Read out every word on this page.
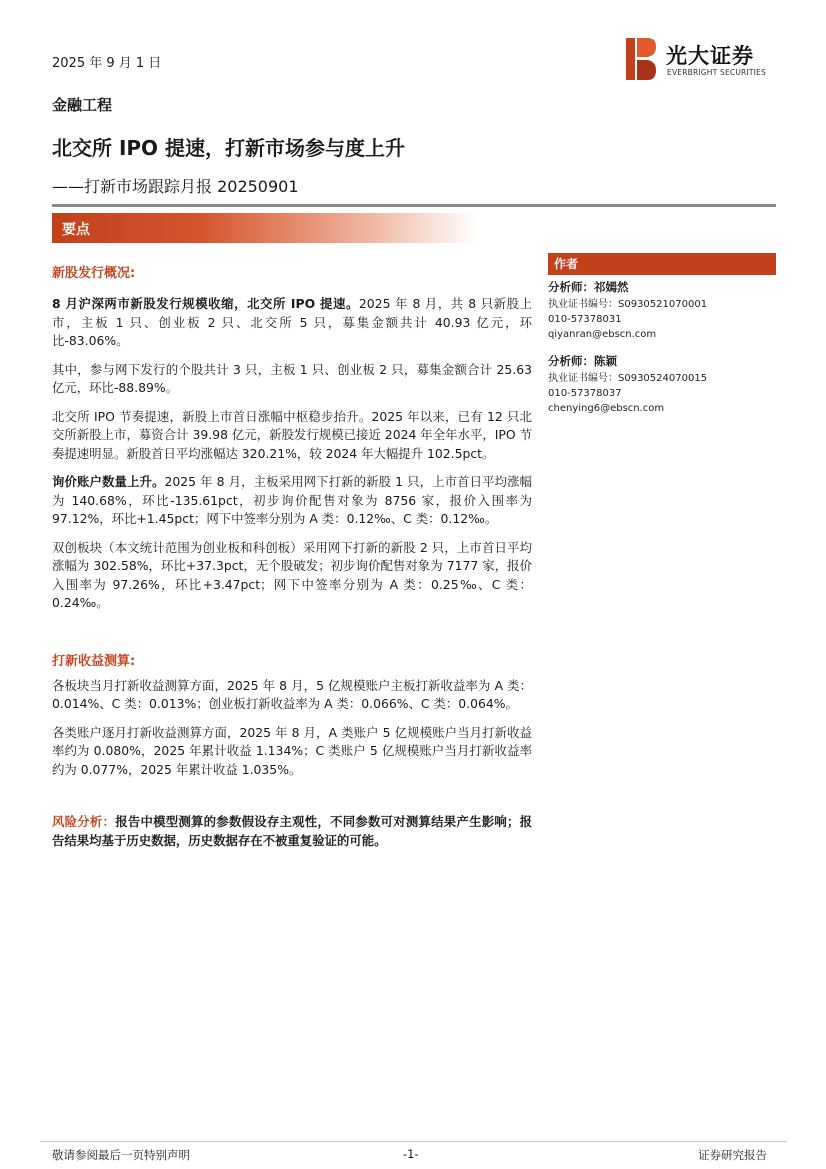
2025 年 9 月 1 日	光大证券
EVERBRIGHT SECURITIES
金融工程
北交所 IPO 提速，打新市场参与度上升
——打新市场跟踪月报 20250901
要点

新股发行概况:

8 月沪深两市新股发行规模收缩，北交所 IPO 提速。2025 年 8 月，共 8 只新股上市，主板 1 只、创业板 2 只、北交所 5 只，募集金额共计 40.93 亿元，环比-83.06%。

其中，参与网下发行的个股共计 3 只，主板 1 只、创业板 2 只，募集金额合计 25.63 亿元，环比-88.89%。

北交所 IPO 节奏提速，新股上市首日涨幅中枢稳步抬升。2025 年以来，已有 12 只北交所新股上市，募资合计 39.98 亿元，新股发行规模已接近 2024 年全年水平，IPO 节奏提速明显。新股首日平均涨幅达 320.21%，较 2024 年大幅提升 102.5pct。

询价账户数量上升。2025 年 8 月，主板采用网下打新的新股 1 只，上市首日平均涨幅为 140.68%，环比-135.61pct，初步询价配售对象为 8756 家，报价入围率为 97.12%，环比+1.45pct；网下中签率分别为 A 类：0.12‰、C 类：0.12‰。

双创板块（本文统计范围为创业板和科创板）采用网下打新的新股 2 只，上市首日平均涨幅为 302.58%，环比+37.3pct，无个股破发；初步询价配售对象为 7177 家，报价入围率为 97.26%，环比+3.47pct；网下中签率分别为 A 类：0.25‰、C 类：0.24‰。

打新收益测算:

各板块当月打新收益测算方面，2025 年 8 月，5 亿规模账户主板打新收益率为 A 类：0.014%、C 类：0.013%；创业板打新收益率为 A 类：0.066%、C 类：0.064%。

各类账户逐月打新收益测算方面，2025 年 8 月，A 类账户 5 亿规模账户当月打新收益率约为 0.080%，2025 年累计收益 1.134%；C 类账户 5 亿规模账户当月打新收益率约为 0.077%，2025 年累计收益 1.035%。

风险分析：报告中模型测算的参数假设存主观性，不同参数可对测算结果产生影响；报告结果均基于历史数据，历史数据存在不被重复验证的可能。

作者

分析师：祁嫣然

执业证书编号：S0930521070001

010-57378031

qiyanran@ebscn.com

分析师：陈颖

执业证书编号：S0930524070015

010-57378037

chenying6@ebscn.com

敬请参阅最后一页特别声明	-1-	证券研究报告
